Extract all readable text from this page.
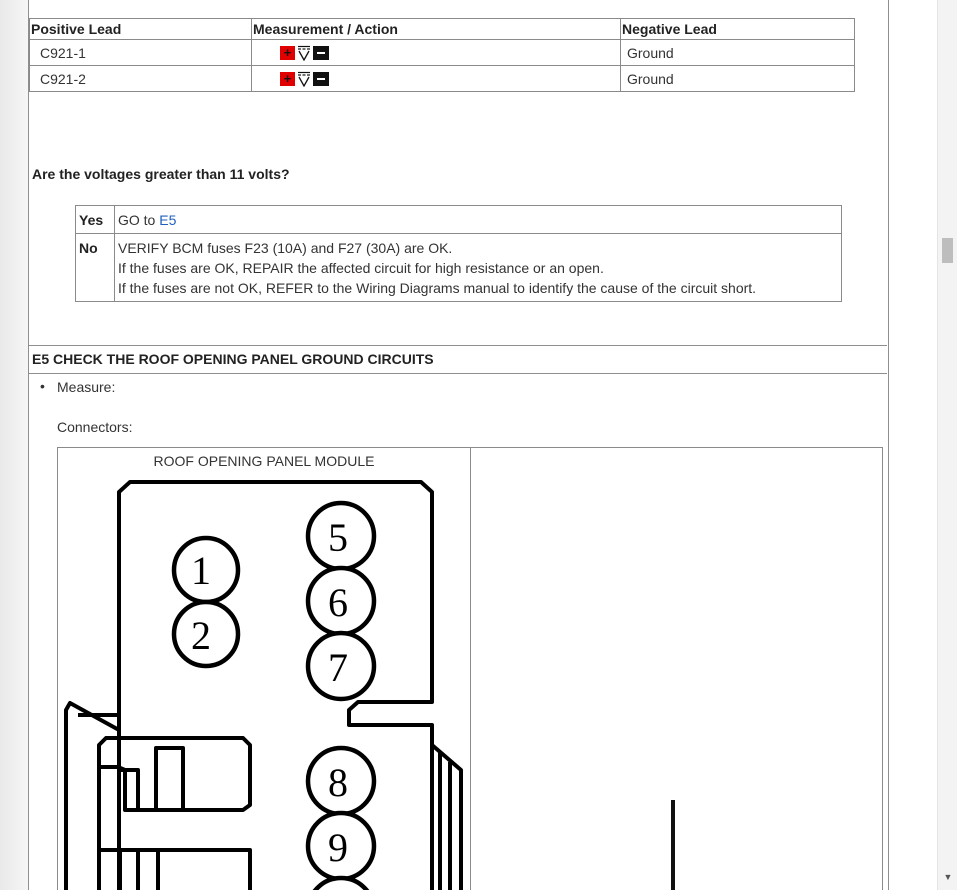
Positive Lead	Measurement / Action	Negative Lead
C921-1	+	Ground
C921-2	+	Ground

Are the voltages greater than 11 volts?

Yes	GO to E5
No	VERIFY BCM fuses F23 (10A) and F27 (30A) are OK.
If the fuses are OK, REPAIR the affected circuit for high resistance or an open.
If the fuses are not OK, REFER to the Wiring Diagrams manual to identify the cause of the circuit short.

E5 CHECK THE ROOF OPENING PANEL GROUND CIRCUITS

• Measure:
Connectors:
ROOF OPENING PANEL MODULE
1
2
5
6
7
8
9
▼
